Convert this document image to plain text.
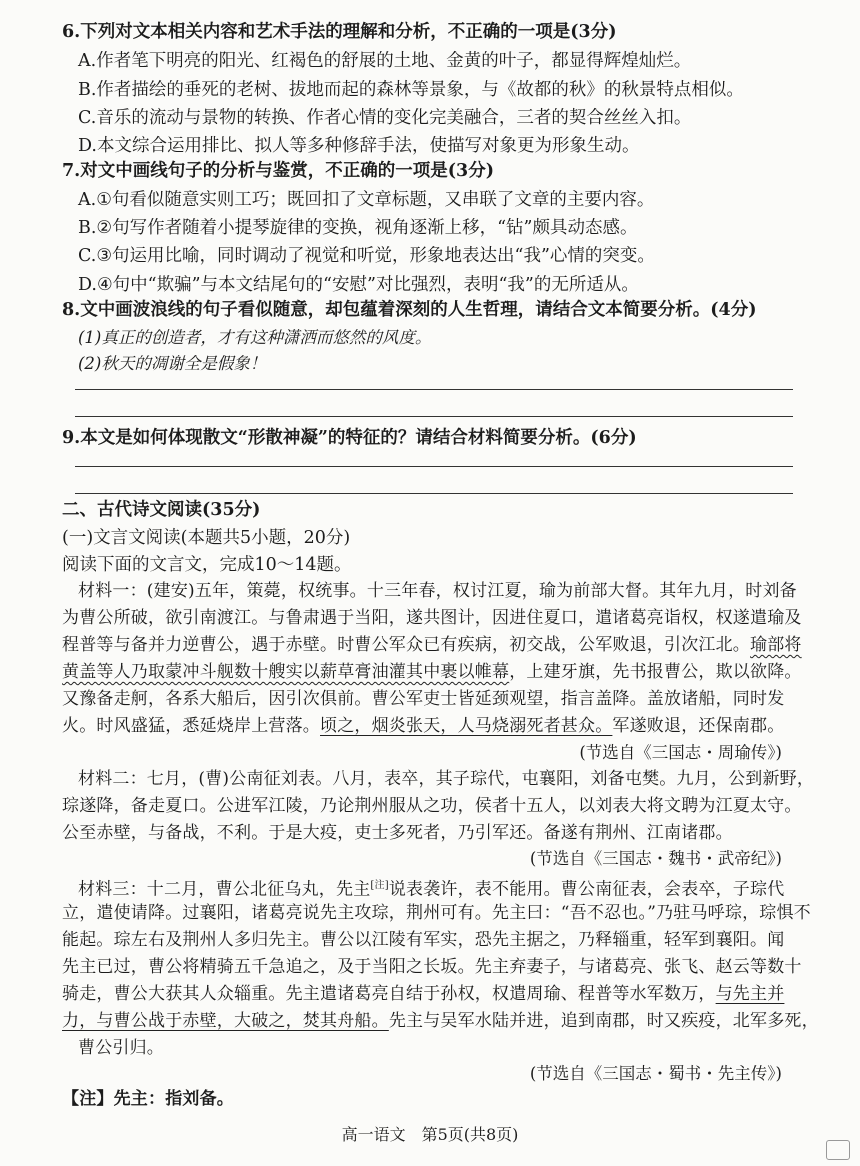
6.下列对文本相关内容和艺术手法的理解和分析，不正确的一项是(3分)
A.作者笔下明亮的阳光、红褐色的舒展的土地、金黄的叶子，都显得辉煌灿烂。
B.作者描绘的垂死的老树、拔地而起的森林等景象，与《故都的秋》的秋景特点相似。
C.音乐的流动与景物的转换、作者心情的变化完美融合，三者的契合丝丝入扣。
D.本文综合运用排比、拟人等多种修辞手法，使描写对象更为形象生动。
7.对文中画线句子的分析与鉴赏，不正确的一项是(3分)
A.①句看似随意实则工巧；既回扣了文章标题，又串联了文章的主要内容。
B.②句写作者随着小提琴旋律的变换，视角逐渐上移，“钻”颇具动态感。
C.③句运用比喻，同时调动了视觉和听觉，形象地表达出“我”心情的突变。
D.④句中“欺骗”与本文结尾句的“安慰”对比强烈，表明“我”的无所适从。
8.文中画波浪线的句子看似随意，却包蕴着深刻的人生哲理，请结合文本简要分析。(4分)
(1)真正的创造者，才有这种潇洒而悠然的风度。
(2)秋天的凋谢全是假象！
9.本文是如何体现散文“形散神凝”的特征的？请结合材料简要分析。(6分)
二、古代诗文阅读(35分)
(一)文言文阅读(本题共5小题，20分)
阅读下面的文言文，完成10～14题。
材料一：(建安)五年，策薨，权统事。十三年春，权讨江夏，瑜为前部大督。其年九月，时刘备
为曹公所破，欲引南渡江。与鲁肃遇于当阳，遂共图计，因进住夏口，遣诸葛亮诣权，权遂遣瑜及
程普等与备并力逆曹公，遇于赤壁。时曹公军众已有疾病，初交战，公军败退，引次江北。瑜部将
黄盖等人乃取蒙冲斗舰数十艘实以薪草膏油灌其中裹以帷幕，上建牙旗，先书报曹公，欺以欲降。
又豫备走舸，各系大船后，因引次俱前。曹公军吏士皆延颈观望，指言盖降。盖放诸船，同时发
火。时风盛猛，悉延烧岸上营落。顷之，烟炎张天，人马烧溺死者甚众。军遂败退，还保南郡。
(节选自《三国志・周瑜传》)
材料二：七月，(曹)公南征刘表。八月，表卒，其子琮代，屯襄阳，刘备屯樊。九月，公到新野，
琮遂降，备走夏口。公进军江陵，乃论荆州服从之功，侯者十五人，以刘表大将文聘为江夏太守。
公至赤壁，与备战，不利。于是大疫，吏士多死者，乃引军还。备遂有荆州、江南诸郡。
(节选自《三国志・魏书・武帝纪》)
材料三：十二月，曹公北征乌丸，先主[注]说表袭许，表不能用。曹公南征表，会表卒，子琮代
立，遣使请降。过襄阳，诸葛亮说先主攻琮，荆州可有。先主曰：“吾不忍也。”乃驻马呼琮，琮惧不
能起。琮左右及荆州人多归先主。曹公以江陵有军实，恐先主据之，乃释辎重，轻军到襄阳。闻
先主已过，曹公将精骑五千急追之，及于当阳之长坂。先主弃妻子，与诸葛亮、张飞、赵云等数十
骑走，曹公大获其人众辎重。先主遣诸葛亮自结于孙权，权遣周瑜、程普等水军数万，与先主并
力，与曹公战于赤壁，大破之，焚其舟船。先主与吴军水陆并进，追到南郡，时又疾疫，北军多死，
曹公引归。
(节选自《三国志・蜀书・先主传》)
【注】先主：指刘备。
高一语文　第5页(共8页)
